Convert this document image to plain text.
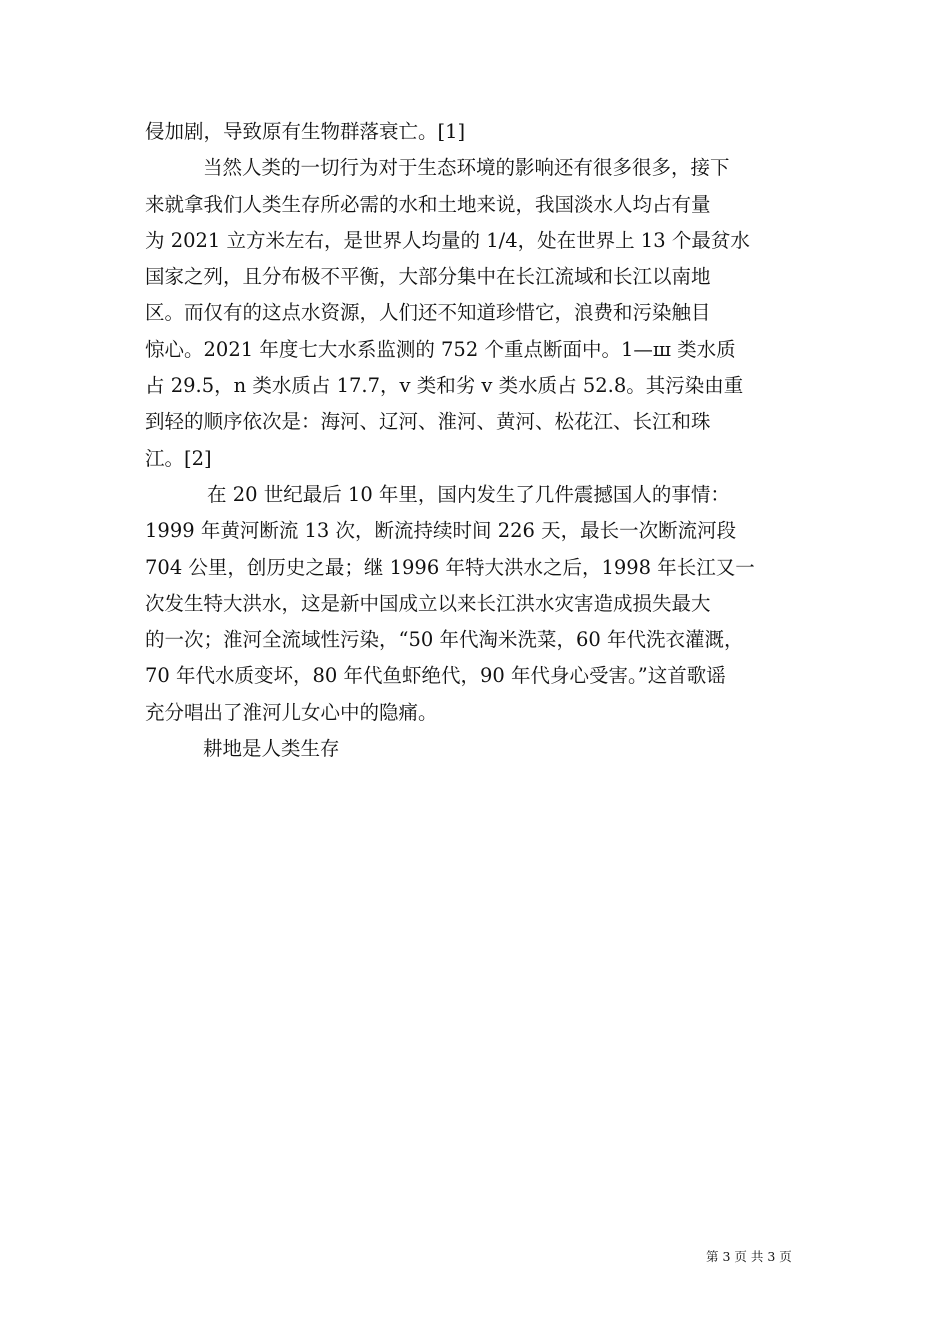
侵加剧，导致原有生物群落衰亡。[1]
当然人类的一切行为对于生态环境的影响还有很多很多，接下
来就拿我们人类生存所必需的水和土地来说，我国淡水人均占有量
为 2021 立方米左右，是世界人均量的 1/4，处在世界上 13 个最贫水
国家之列，且分布极不平衡，大部分集中在长江流域和长江以南地
区。而仅有的这点水资源，人们还不知道珍惜它，浪费和污染触目
惊心。2021 年度七大水系监测的 752 个重点断面中。1—ш 类水质
占 29.5，n 类水质占 17.7，v 类和劣 v 类水质占 52.8。其污染由重
到轻的顺序依次是：海河、辽河、淮河、黄河、松花江、长江和珠
江。[2]
在 20 世纪最后 10 年里，国内发生了几件震撼国人的事情：
1999 年黄河断流 13 次，断流持续时间 226 天，最长一次断流河段
704 公里，创历史之最；继 1996 年特大洪水之后，1998 年长江又一
次发生特大洪水，这是新中国成立以来长江洪水灾害造成损失最大
的一次；淮河全流域性污染，“50 年代淘米洗菜，60 年代洗衣灌溉，
70 年代水质变坏，80 年代鱼虾绝代，90 年代身心受害。”这首歌谣
充分唱出了淮河儿女心中的隐痛。
耕地是人类生存
第 3 页 共 3 页
